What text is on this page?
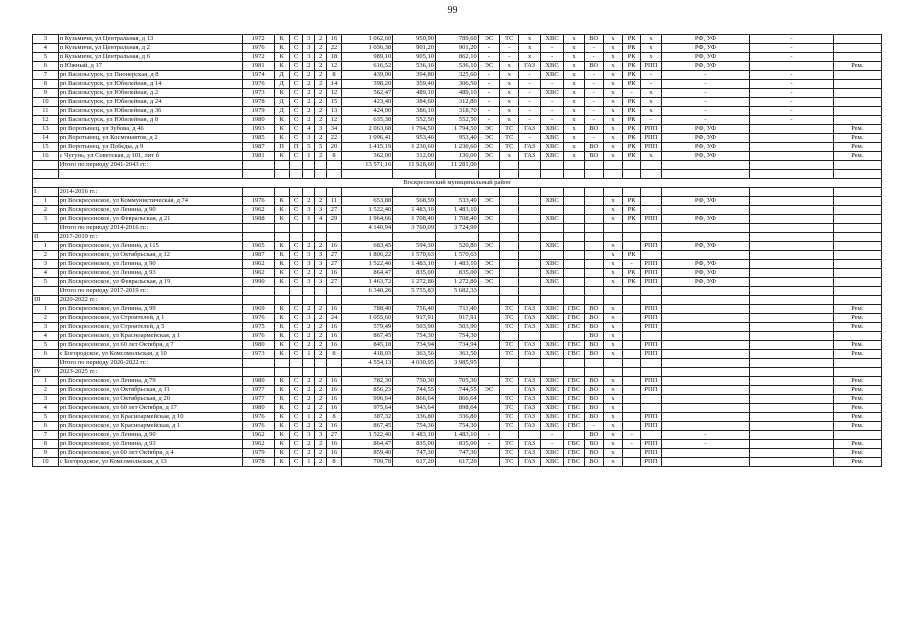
99
3	п Кузьмичи, ул Центральная, д 13	1972	К	С	3	2	16	1 062,60	950,90	789,60	ЭС	ТС	х	ХВС	х	ВО	х	РК	х	РФ, УФ	-	
4	п Кузьмичи, ул Центральная, д 2	1976	К	С	3	2	22	1 036,38	901,20	901,20	-	-	х	-	х	-	х	РК	х	РФ, УФ	-	
5	п Кузьмичи, ул Центральная, д 6	1972	К	С	3	2	18	989,10	905,10	862,10	-	-	х	-	х	-	х	РК	х	РФ, УФ	-	
6	п Южный, д 17	1981	К	С	2	2	12	616,52	536,10	536,10	ЭС	х	ГАЗ	ХВС	х	ВО	х	РК	РПП	РФ, УФ		Рем.
7	рп Васильсурск, ул Пионерская, д 8	1974	Д	С	2	2	8	439,90	394,80	325,60	-	х	-	ХВС	х	-	х	РК	-	-	-	
8	рп Васильсурск, ул Юбилейная, д 14	1976	Д	С	2	2	14	398,20	359,40	306,50	-	х	-	-	х	-	х	РК	-	-	-	
9	рп Васильсурск, ул Юбилейная, д 2	1973	К	С	2	2	12	562,47	489,10	489,10	-	х	-	ХВС	х	-	х	-	х	-	-	
10	рп Васильсурск, ул Юбилейная, д 24	1978	Д	С	2	2	15	423,40	384,60	312,80	-	х	-	-	х	-	х	РК	х	-	-	
11	рп Васильсурск, ул Юбилейная, д 36	1979	Д	С	2	2	13	424,90	386,10	318,70	-	х	-	-	х	-	х	РК	х	-	-	
12	рп Васильсурск, ул Юбилейная, д 8	1980	К	С	2	2	12	635,38	552,50	552,50	-	х	-	-	х	-	х	РК	-	-	-	
13	рп Воротынец, ул Зубова, д 46	1993	К	С	4	3	34	2 063,68	1 794,50	1 794,50	ЭС	ТС	ГАЗ	ХВС	х	ВО	х	РК	РПП	РФ, УФ		Рем.
14	рп Воротынец, ул Космонавтов, д 2	1985	К	С	3	2	22	1 096,41	953,40	953,40	ЭС	ТС	-	ХВС	х	-	х	РК	РПП	РФ, УФ		Рем.
15	рп Воротынец, ул Победы, д 9	1987	П	П	5	5	20	1 415,19	1 230,60	1 230,60	ЭС	ТС	ГАЗ	ХВС	х	ВО	х	РК	РПП	РФ, УФ		Рем.
16	с Чугунь, ул Советская, д 101, лит б	1981	К	С	1	2	8	362,00	312,00	130,00	ЭС	х	ГАЗ	ХВС	х	ВО	х	РК	х	РФ, УФ		Рем.
	Итого по периоду 2041-2043 гг.:							13 571,16	11 928,60	11 281,00												

Воскресенский муниципальный район																						
I	2014-2016 гг.:																					
1	рп Воскресенское, ул Коммунистическая, д 74	1976	К	С	2	2	11	653,88	568,59	533,49	ЭС			ХВС			х	РК		РФ, УФ		
2	рп Воскресенское, ул Ленина, д 90	1962	К	С	3	3	27	1 522,40	1 483,10	1 483,10							х	РК				
3	рп Воскресенское, ул Февральская, д 21	1988	К	С	1	4	29	1 964,66	1 708,40	1 708,40	ЭС			ХВС			х	РК	РПП	РФ, УФ		
	Итого по периоду 2014-2016 гг.:							4 140,94	3 760,09	3 724,99												
II	2017-2019 гг.:																					
1	рп Воскресенское, ул Ленина, д 115	1965	К	С	2	2	16	683,45	594,30	520,80	ЭС			ХВС			х		РПП	РФ, УФ		
2	рп Воскресенское, ул Октябрьская, д 12	1987	К	С	3	3	27	1 806,22	1 570,63	1 570,63							х	РК				
3	рп Воскресенское, ул Ленина, д 90	1962	К	С	3	3	27	1 522,40	1 483,10	1 483,10	ЭС			ХВС			х	-	РПП	РФ, УФ		
4	рп Воскресенское, ул Ленина, д 93	1962	К	С	2	2	16	864,47	835,00	835,00	ЭС			ХВС			х	РК	РПП	РФ, УФ		
5	рп Воскресенское, ул Февральская, д 19	1990	К	С	3	3	27	1 463,72	1 272,80	1 272,80	ЭС			ХВС			х	РК	РПП	РФ, УФ		
	Итого по периоду 2017-2019 гг.:							6 340,26	5 755,83	5 682,33												
III	2020-2022 гг.:																					
1	рп Воскресенское, ул Ленина, д 99	1969	К	С	2	2	16	788,40	756,40	711,40		ТС	ГАЗ	ХВС	ГВС	ВО	х		РПП			Рем.
2	рп Воскресенское, ул Строителей, д 1	1976	К	С	3	2	24	1 055,60	917,91	917,91		ТС	ГАЗ	ХВС	ГВС	ВО	х		РПП			Рем.
3	рп Воскресенское, ул Строителей, д 5	1975	К	С	2	2	16	579,49	503,90	503,90		ТС	ГАЗ	ХВС	ГВС	ВО	х		РПП			Рем.
4	рп Воскресенское, ул Красноармейская, д 1	1976	К	С	2	2	16	867,45	754,30	754,30						ВО	х					
5	рп Воскресенское, ул 60 лет Октября, д 7	1980	К	С	2	2	16	845,18	734,94	734,94		ТС	ГАЗ	ХВС	ГВС	ВО	х		РПП			Рем.
6	с Богородское, ул Комсомольская, д 10	1973	К	С	1	2	8	418,03	363,50	363,50		ТС	ГАЗ	ХВС	ГВС	ВО	х		РПП			Рем.
	Итого по периоду 2020-2022 гг.:							4 554,13	4 030,95	3 985,95												
IV	2023-2025 гг.:																					
1	рп Воскресенское, ул Ленина, д 79	1980	К	С	2	2	16	782,30	750,30	705,30		ТС	ГАЗ	ХВС	ГВС	ВО	х		РПП			Рем.
2	рп Воскресенское, ул Октябрьская, д 11	1977	К	С	2	2	16	856,23	744,55	744,55	ЭС		ГАЗ	ХВС	ГВС	ВО	х		РПП			Рем.
3	рп Воскресенское, ул Октябрьская, д 20	1977	К	С	2	2	16	996,64	866,64	866,64		ТС	ГАЗ	ХВС	ГВС	ВО	х					Рем.
4	рп Воскресенское, ул 60 лет Октября, д 17	1980	К	С	2	2	16	975,64	943,64	898,64		ТС	ГАЗ	ХВС	ГВС	ВО	х					Рем.
5	рп Воскресенское, ул Красноармейская, д 10	1976	К	С	1	2	8	387,32	336,80	336,80		ТС	ГАЗ	ХВС	ГВС	ВО	х		РПП			Рем.
6	рп Воскресенское, ул Красноармейская, д 1	1976	К	С	2	2	16	867,45	754,30	754,30		ТС	ГАЗ	ХВС	ГВС	-	х		РПП			Рем.
7	рп Воскресенское, ул Ленина, д 90	1962	К	С	3	3	27	1 522,40	1 483,10	1 483,10	-			-		ВО	х	-		-		
8	рп Воскресенское, ул Ленина, д 93	1962	К	С	2	2	16	864,47	835,00	835,00	-	ТС	ГАЗ	-	ГВС	ВО	х	-	РПП	-		Рем.
9	рп Воскресенское, ул 60 лет Октября, д 4	1979	К	С	2	2	16	859,40	747,30	747,30		ТС	ГАЗ	ХВС	ГВС	ВО	х		РПП			Рем.
10	с Богородское, ул Комсомольская, д 13	1978	К	С	1	2	8	709,78	617,20	617,20		ТС	ГАЗ	ХВС	ГВС	ВО	х		РПП			Рем.
